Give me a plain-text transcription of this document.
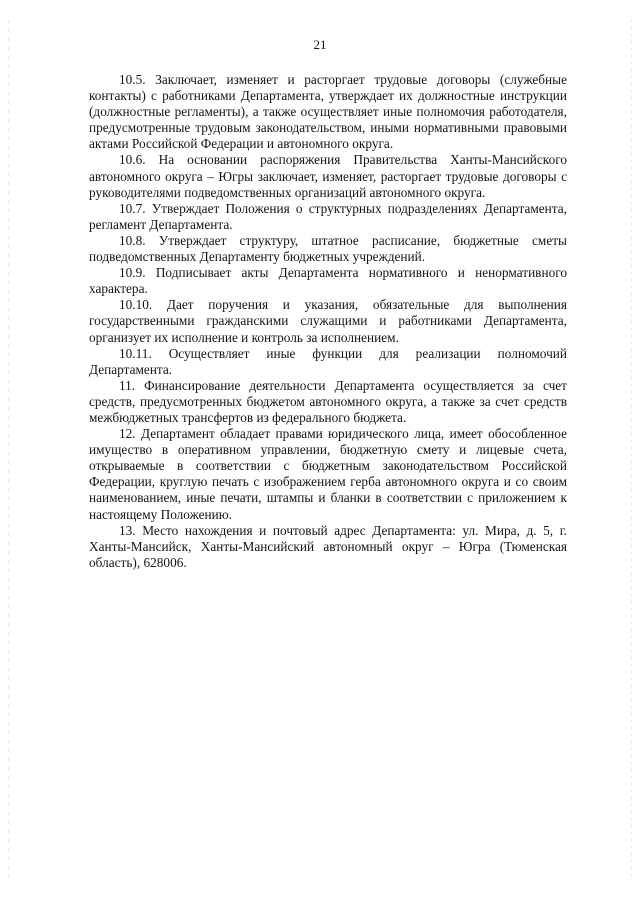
21

10.5. Заключает, изменяет и расторгает трудовые договоры (служебные контакты) с работниками Департамента, утверждает их должностные инструкции (должностные регламенты), а также осуществляет иные полномочия работодателя, предусмотренные трудовым законодательством, иными нормативными правовыми актами Российской Федерации и автономного округа.

10.6. На основании распоряжения Правительства Ханты-Мансийского автономного округа – Югры заключает, изменяет, расторгает трудовые договоры с руководителями подведомственных организаций автономного округа.

10.7. Утверждает Положения о структурных подразделениях Департамента, регламент Департамента.

10.8. Утверждает структуру, штатное расписание, бюджетные сметы подведомственных Департаменту бюджетных учреждений.

10.9. Подписывает акты Департамента нормативного и ненормативного характера.

10.10. Дает поручения и указания, обязательные для выполнения государственными гражданскими служащими и работниками Департамента, организует их исполнение и контроль за исполнением.

10.11. Осуществляет иные функции для реализации полномочий Департамента.

11. Финансирование деятельности Департамента осуществляется за счет средств, предусмотренных бюджетом автономного округа, а также за счет средств межбюджетных трансфертов из федерального бюджета.

12. Департамент обладает правами юридического лица, имеет обособленное имущество в оперативном управлении, бюджетную смету и лицевые счета, открываемые в соответствии с бюджетным законодательством Российской Федерации, круглую печать с изображением герба автономного округа и со своим наименованием, иные печати, штампы и бланки в соответствии с приложением к настоящему Положению.

13. Место нахождения и почтовый адрес Департамента: ул. Мира, д. 5, г. Ханты-Мансийск, Ханты-Мансийский автономный округ – Югра (Тюменская область), 628006.
